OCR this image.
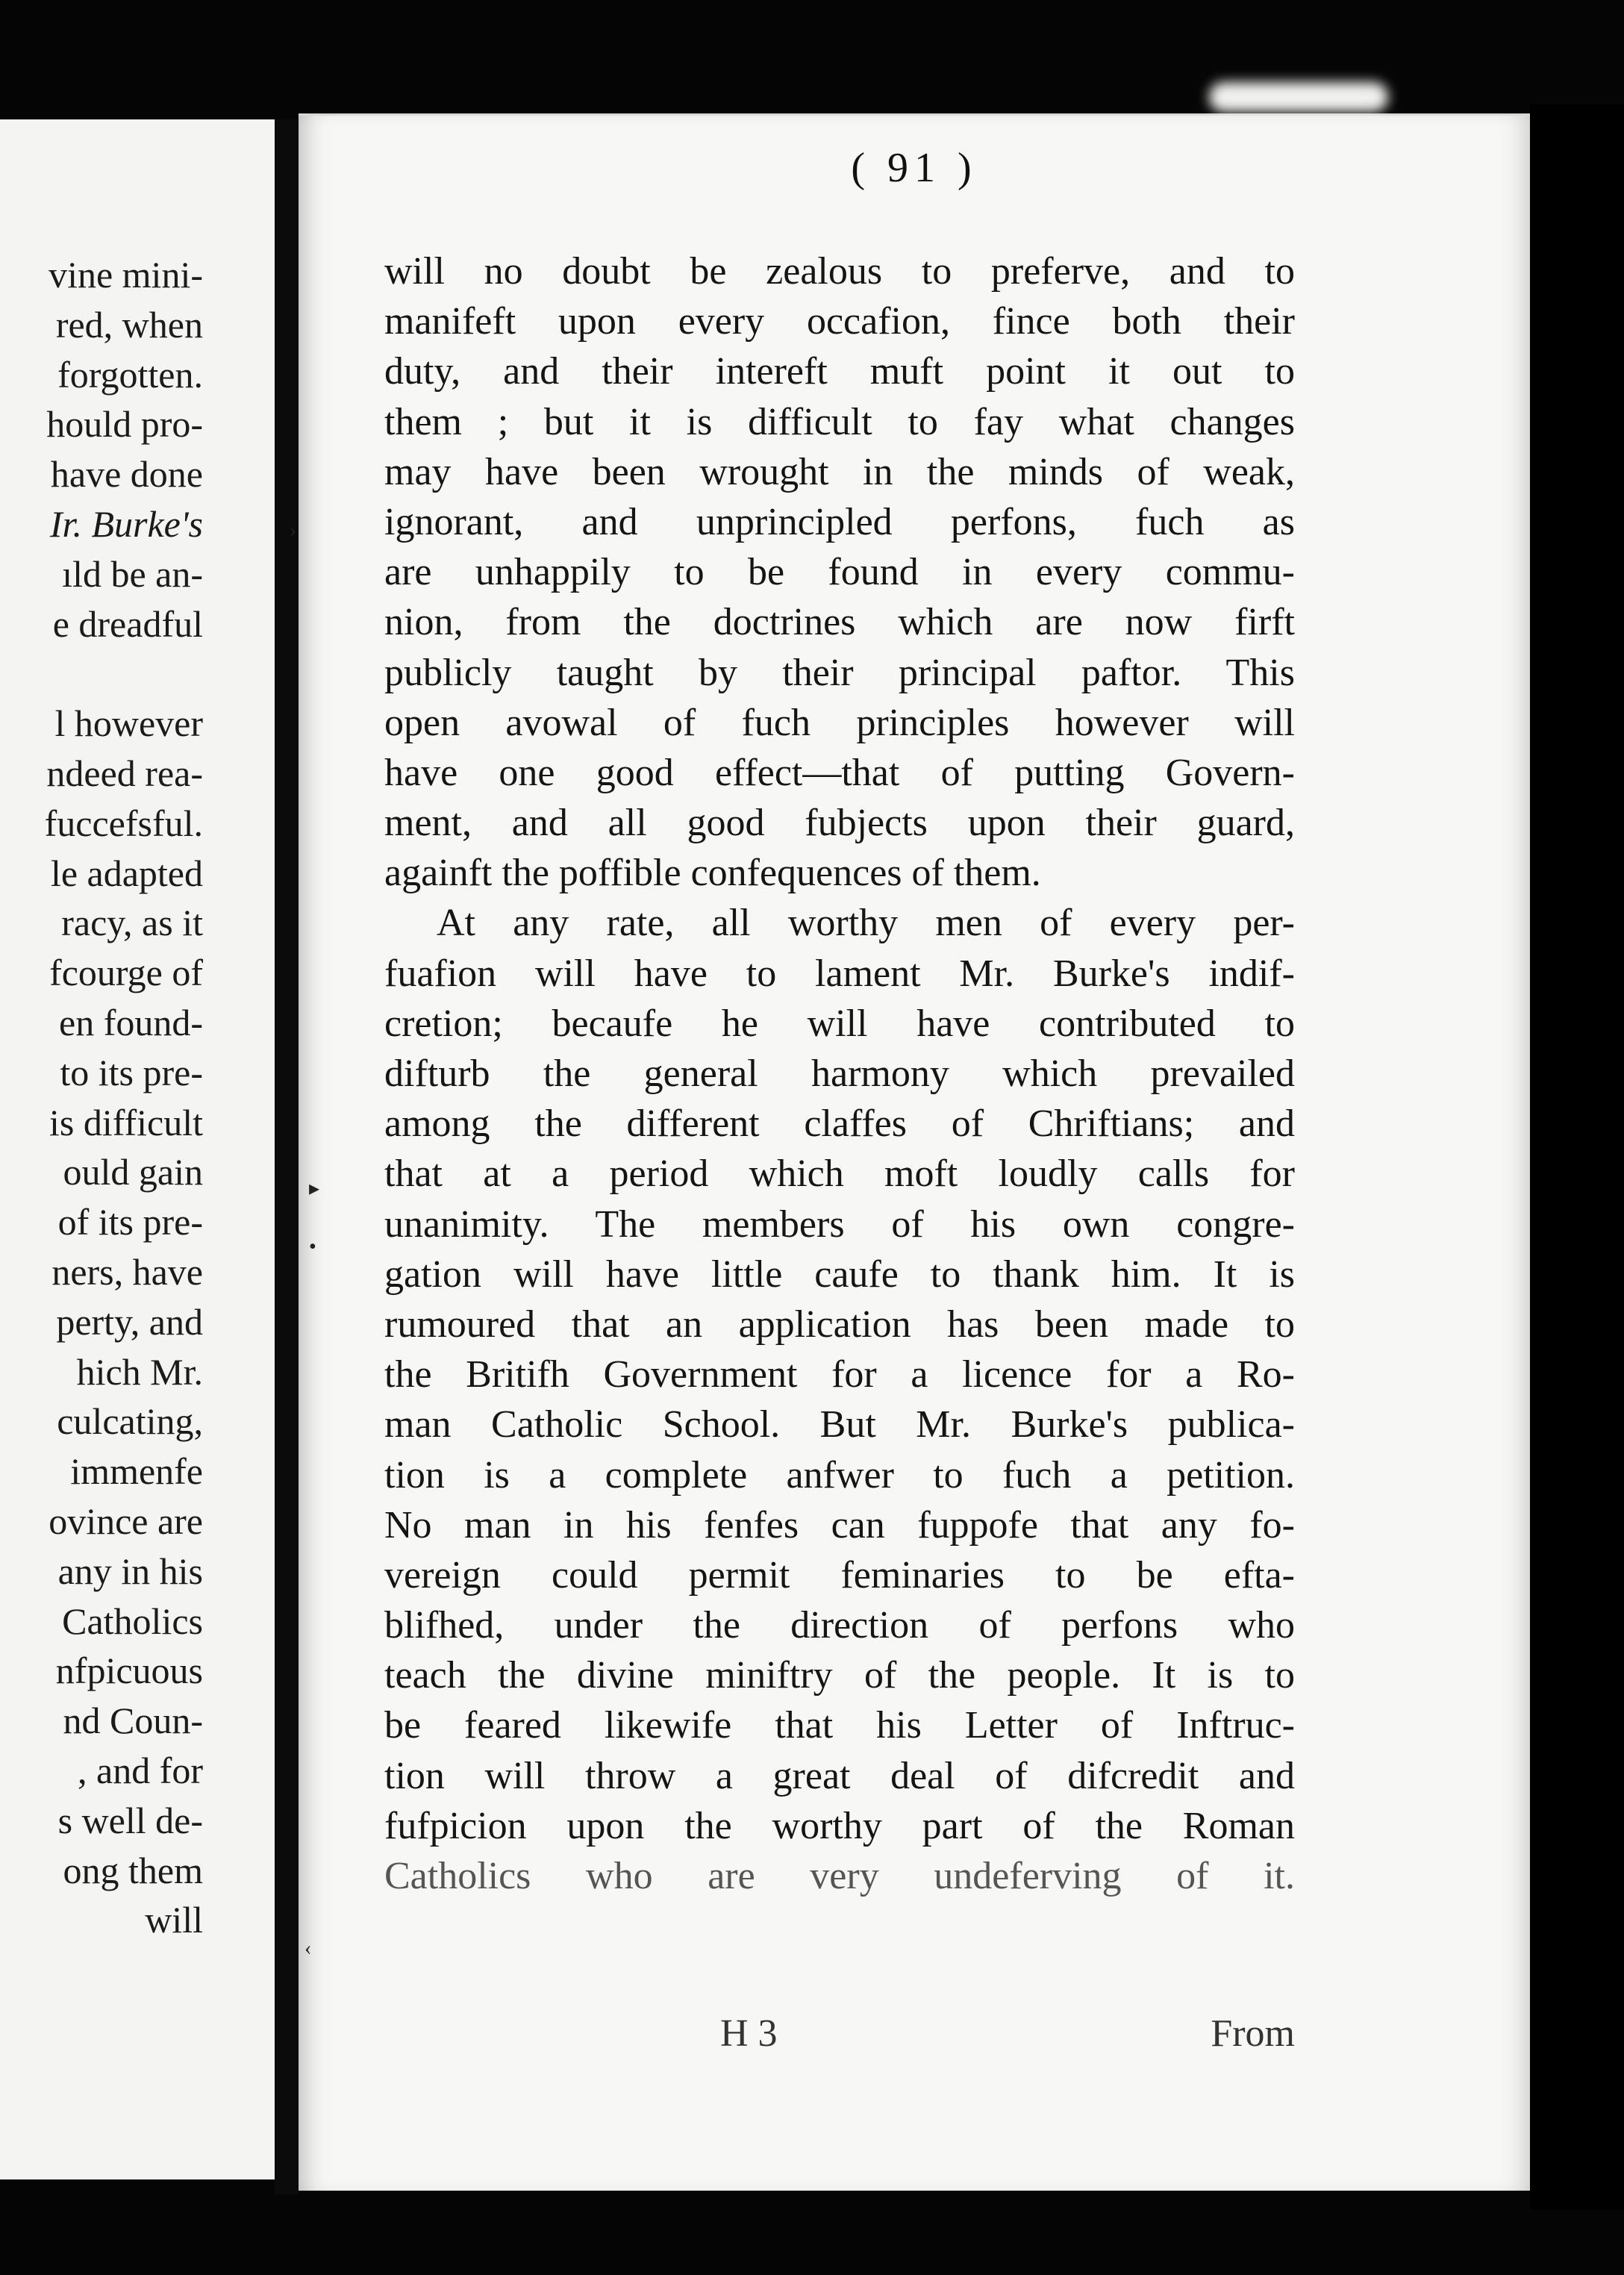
vine mini-
red, when
forgotten.
hould pro-
have done
Ir. Burke's
ıld be an-
e dreadful
l however
ndeed rea-
fuccefsful.
le adapted
racy, as it
fcourge of
en found-
to its pre-
is difficult
ould gain
of its pre-
ners, have
perty, and
hich Mr.
culcating,
immenfe
ovince are
any in his
Catholics
nfpicuous
nd Coun-
, and for
s well de-
ong them
will
( 91 )
will no doubt be zealous to preferve, and to
manifeft upon every occafion, fince both their
duty, and their intereft muft point it out to
them ; but it is difficult to fay what changes
may have been wrought in the minds of weak,
ignorant, and unprincipled perfons, fuch as
are unhappily to be found in every commu-
nion, from the doctrines which are now firft
publicly taught by their principal paftor. This
open avowal of fuch principles however will
have one good effect—that of putting Govern-
ment, and all good fubjects upon their guard,
againft the poffible confequences of them.
At any rate, all worthy men of every per-
fuafion will have to lament Mr. Burke's indif-
cretion; becaufe he will have contributed to
difturb the general harmony which prevailed
among the different claffes of Chriftians; and
that at a period which moft loudly calls for
unanimity. The members of his own congre-
gation will have little caufe to thank him. It is
rumoured that an application has been made to
the Britifh Government for a licence for a Ro-
man Catholic School. But Mr. Burke's publica-
tion is a complete anfwer to fuch a petition.
No man in his fenfes can fuppofe that any fo-
vereign could permit feminaries to be efta-
blifhed, under the direction of perfons who
teach the divine miniftry of the people. It is to
be feared likewife that his Letter of Inftruc-
tion will throw a great deal of difcredit and
fufpicion upon the worthy part of the Roman
Catholics who are very undeferving of it.
H 3	From
›
▸
•
‹
